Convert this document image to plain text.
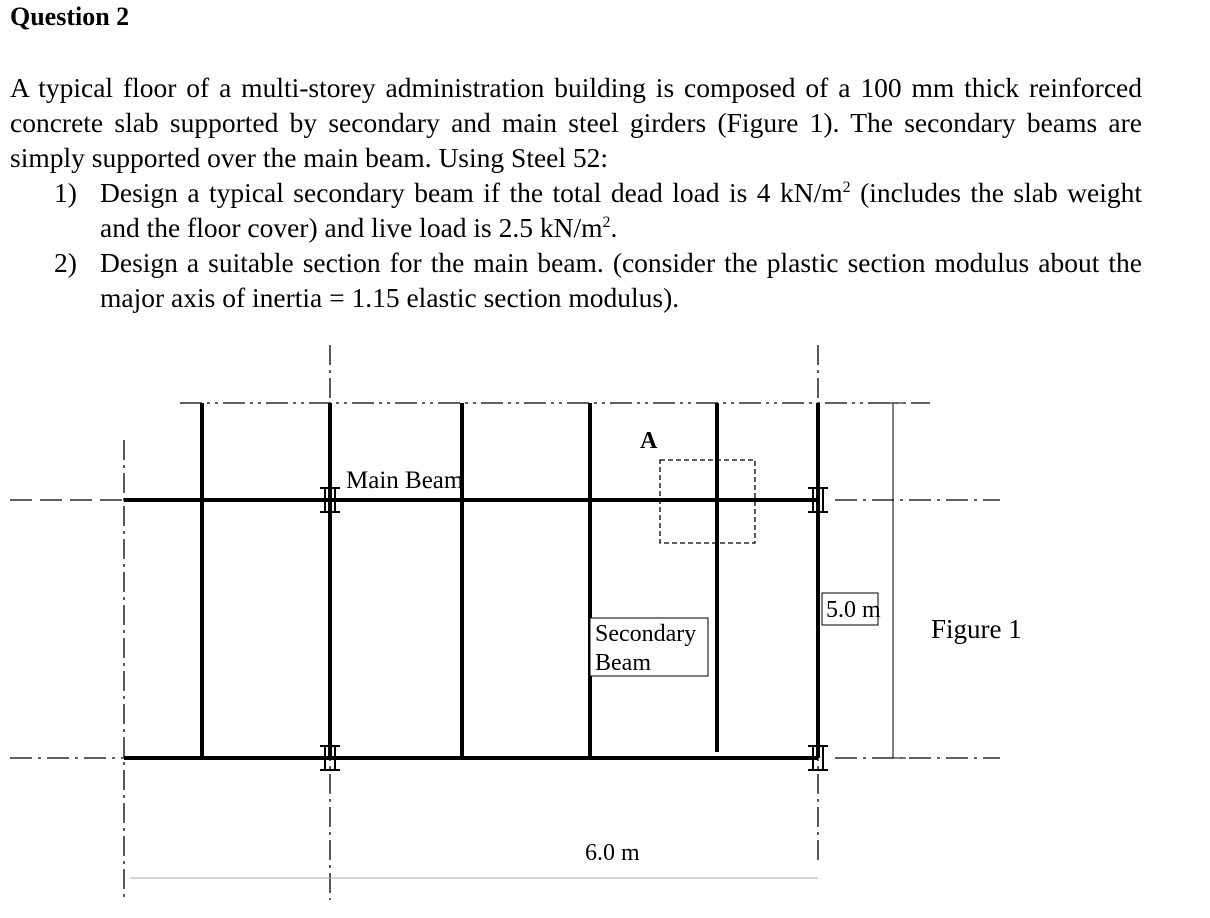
Question 2

A typical floor of a multi-storey administration building is composed of a 100 mm thick reinforced concrete slab supported by secondary and main steel girders (Figure 1). The secondary beams are simply supported over the main beam. Using Steel 52:

1) Design a typical secondary beam if the total dead load is 4 $kN/m^2$ (includes the slab weight and the floor cover) and live load is 2.5 $kN/m^2$.
2) Design a suitable section for the main beam. (consider the plastic section modulus about the major axis of inertia = 1.15 elastic section modulus).
Main Beam
A
Secondary
Beam
5.0 m
Figure 1
6.0 m
